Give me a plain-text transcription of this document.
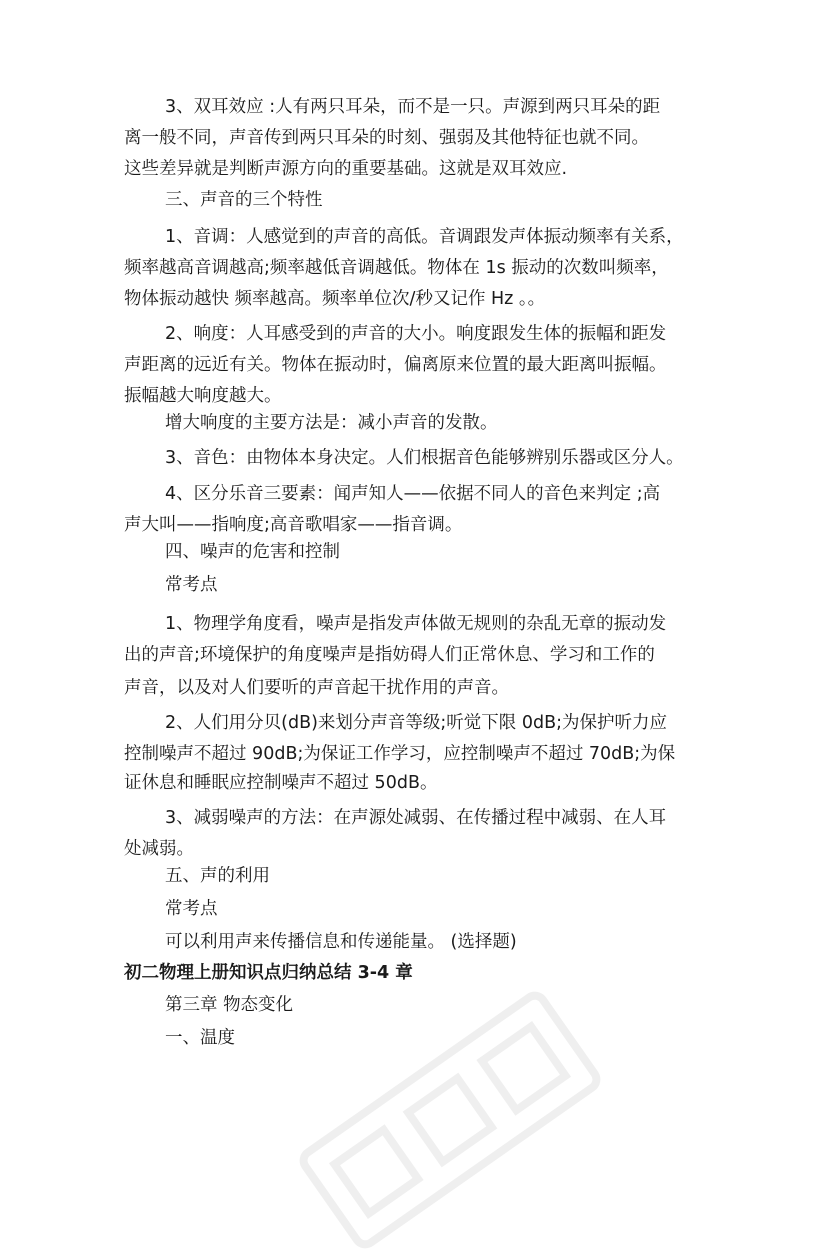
3、双耳效应 :人有两只耳朵，而不是一只。声源到两只耳朵的距
离一般不同，声音传到两只耳朵的时刻、强弱及其他特征也就不同。
这些差异就是判断声源方向的重要基础。这就是双耳效应.
三、声音的三个特性
1、音调：人感觉到的声音的高低。音调跟发声体振动频率有关系，
频率越高音调越高;频率越低音调越低。物体在 1s 振动的次数叫频率，
物体振动越快 频率越高。频率单位次/秒又记作 Hz 。。
2、响度：人耳感受到的声音的大小。响度跟发生体的振幅和距发
声距离的远近有关。物体在振动时，偏离原来位置的最大距离叫振幅。
振幅越大响度越大。
增大响度的主要方法是：减小声音的发散。
3、音色：由物体本身决定。人们根据音色能够辨别乐器或区分人。
4、区分乐音三要素：闻声知人——依据不同人的音色来判定 ;高
声大叫——指响度;高音歌唱家——指音调。
四、噪声的危害和控制
常考点
1、物理学角度看，噪声是指发声体做无规则的杂乱无章的振动发
出的声音;环境保护的角度噪声是指妨碍人们正常休息、学习和工作的
声音，以及对人们要听的声音起干扰作用的声音。
2、人们用分贝(dB)来划分声音等级;听觉下限 0dB;为保护听力应
控制噪声不超过 90dB;为保证工作学习，应控制噪声不超过 70dB;为保
证休息和睡眠应控制噪声不超过 50dB。
3、减弱噪声的方法：在声源处减弱、在传播过程中减弱、在人耳
处减弱。
五、声的利用
常考点
可以利用声来传播信息和传递能量。 (选择题)
初二物理上册知识点归纳总结 3-4 章
第三章 物态变化
一、温度
